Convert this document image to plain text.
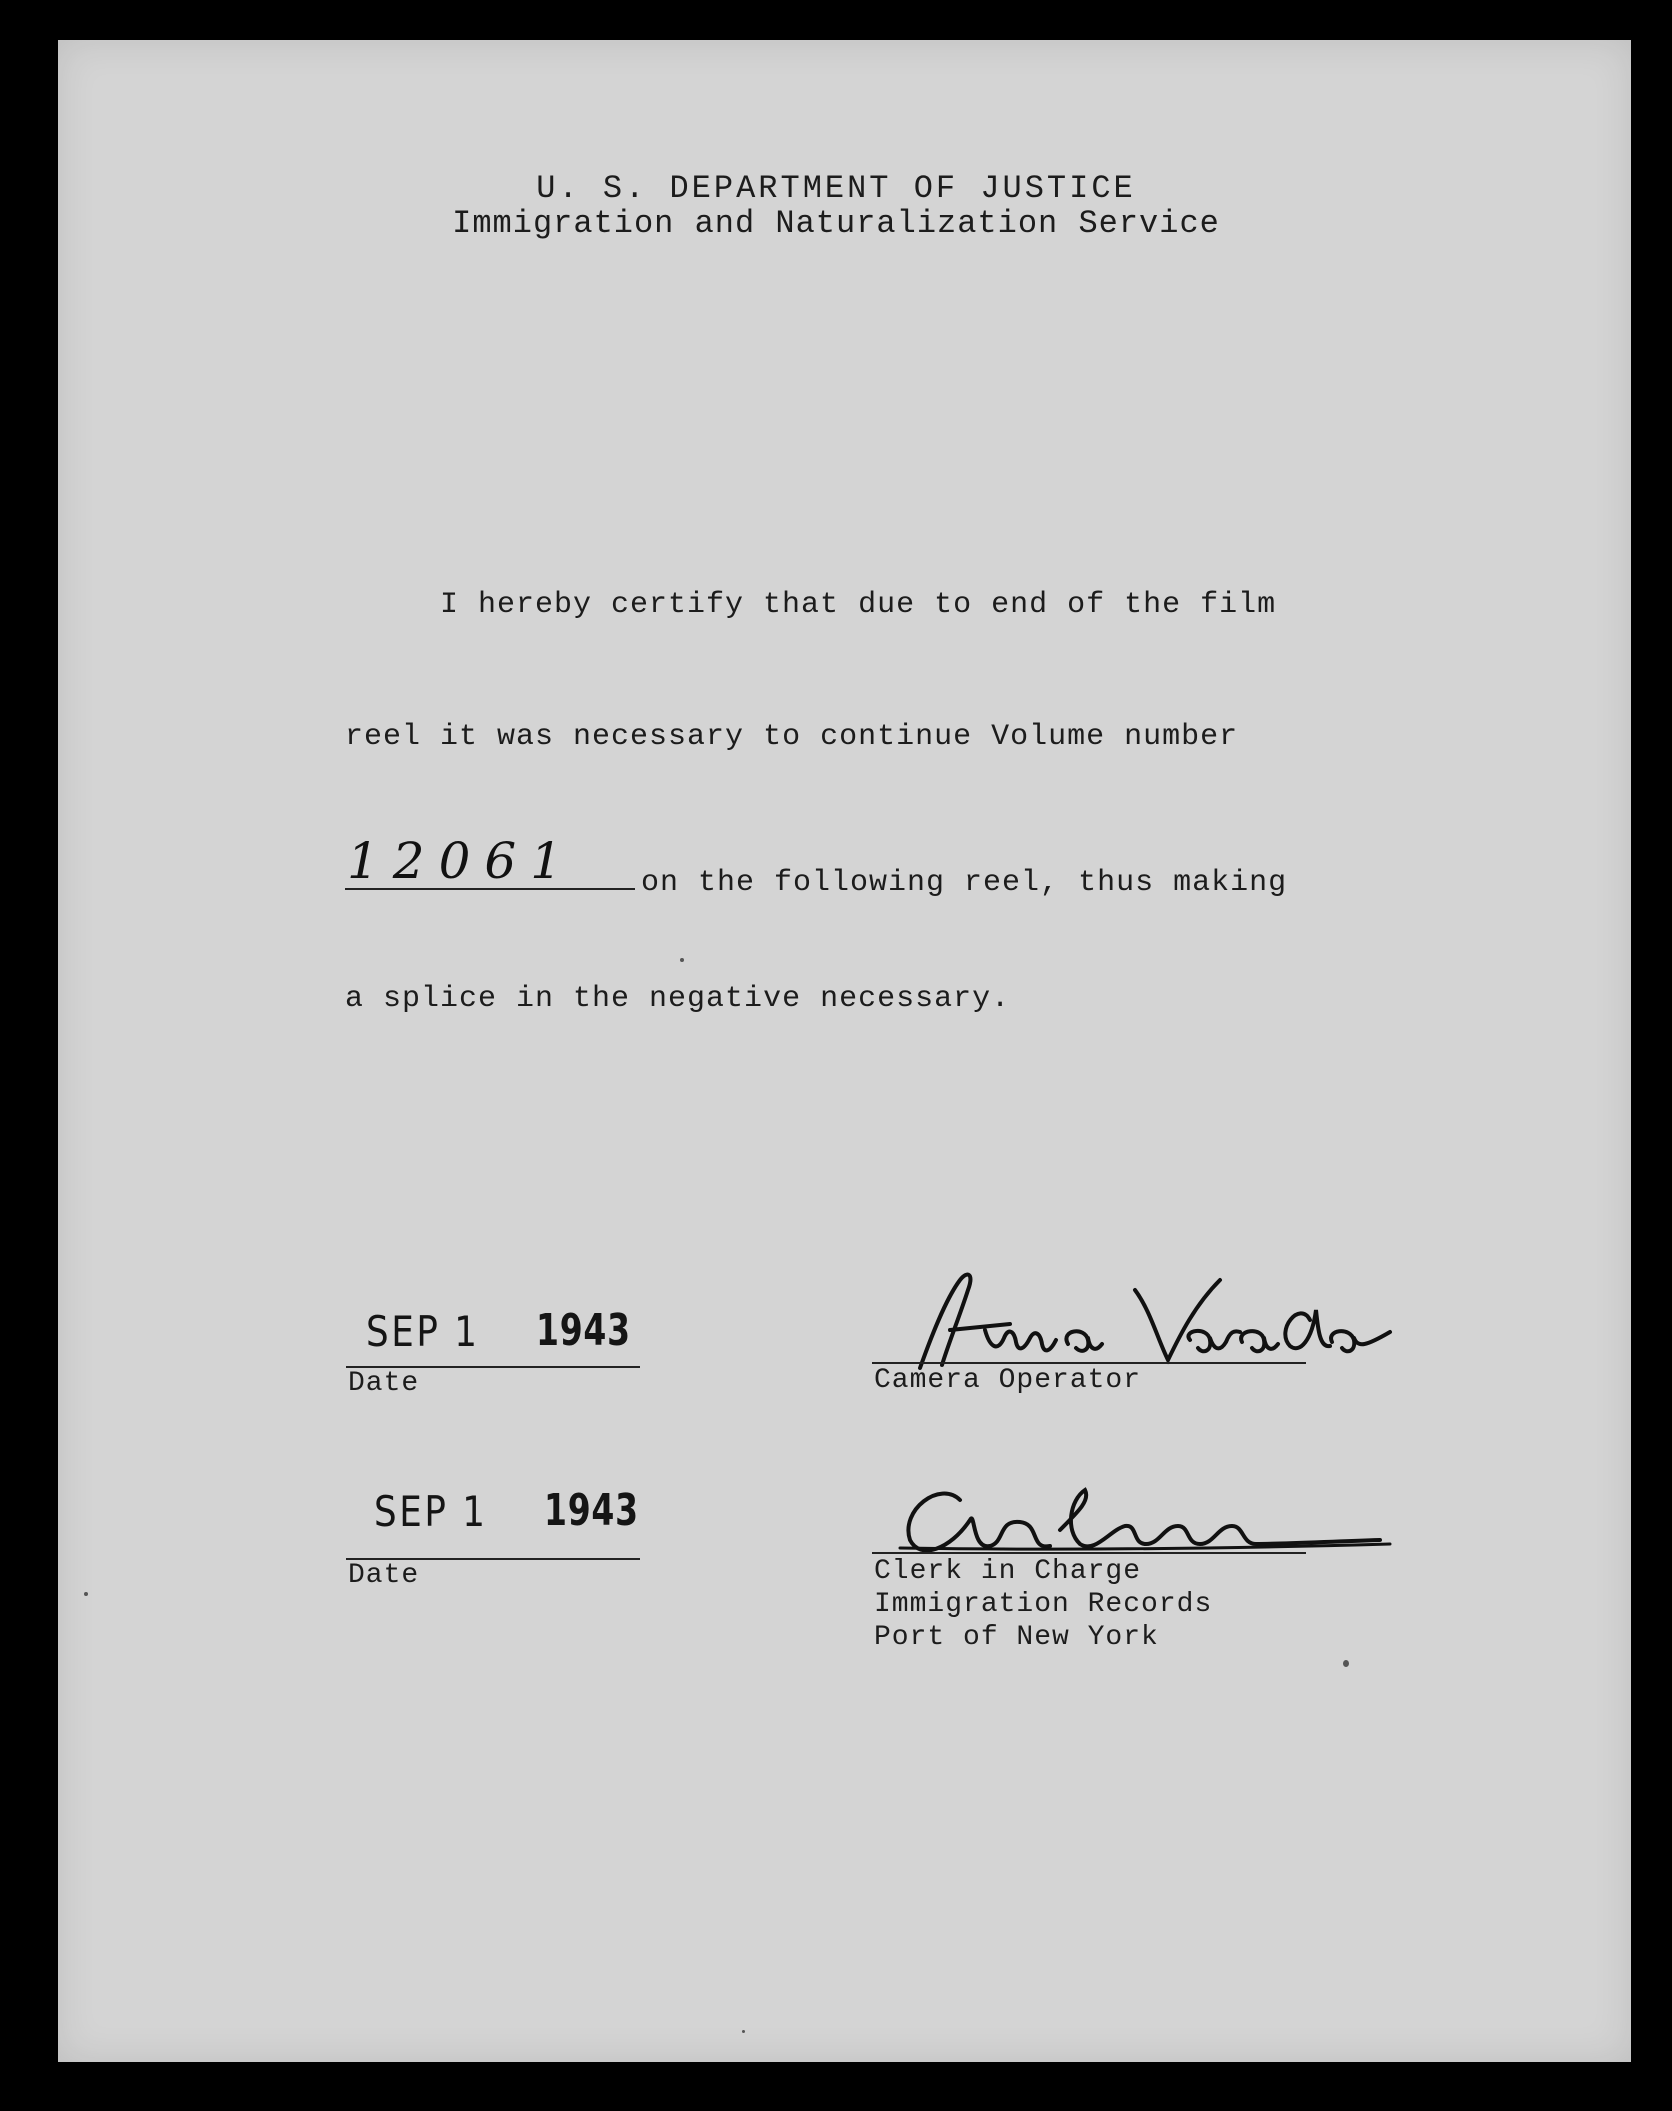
U. S. DEPARTMENT OF JUSTICE
Immigration and Naturalization Service
I hereby certify that due to end of the film
reel it was necessary to continue Volume number
12061 on the following reel, thus making
a splice in the negative necessary.
SEP 1 1943
Date
SEP 1 1943
Date
Camera Operator
Clerk in Charge
Immigration Records
Port of New York
